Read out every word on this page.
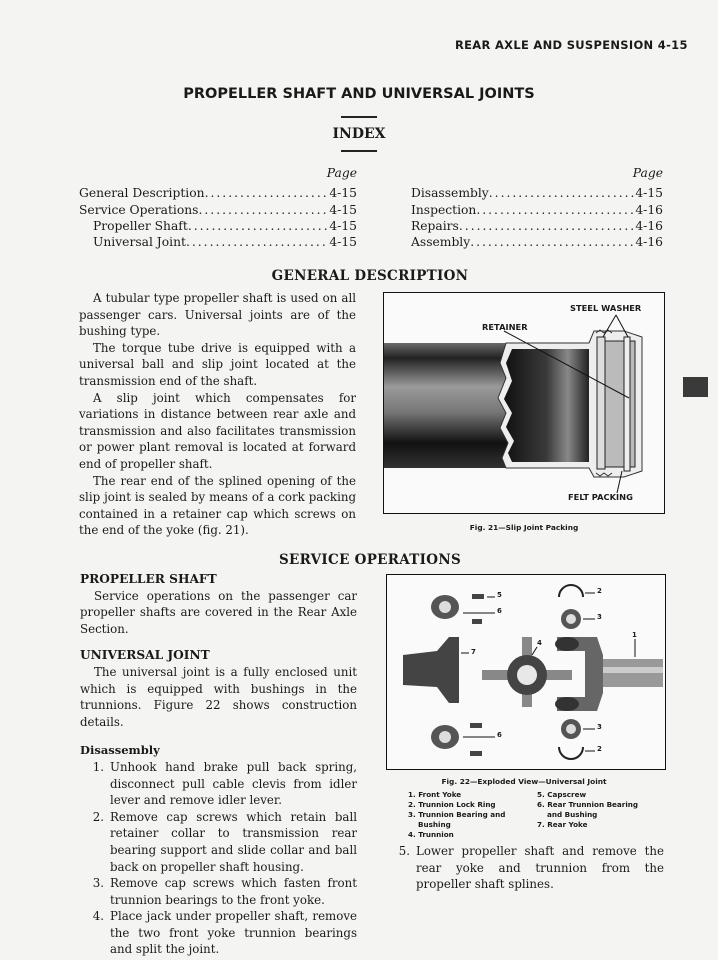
REAR AXLE AND SUSPENSION 4-15
PROPELLER SHAFT AND UNIVERSAL JOINTS
INDEX
Page
General Description .....	4-15
Service Operations .....	4-15
Propeller Shaft .....	4-15
Universal Joint .....	4-15
Page
Disassembly .....	4-15
Inspection .....	4-16
Repairs .....	4-16
Assembly .....	4-16
GENERAL DESCRIPTION

A tubular type propeller shaft is used on all passenger cars. Universal joints are of the bushing type.

The torque tube drive is equipped with a universal ball and slip joint located at the transmission end of the shaft.

A slip joint which compensates for variations in distance between rear axle and transmission and also facilitates transmission or power plant removal is located at forward end of propeller shaft.

The rear end of the splined opening of the slip joint is sealed by means of a cork packing contained in a retainer cap which screws on the end of the yoke (fig. 21).

STEEL WASHER
RETAINER
FELT PACKING
Fig. 21—Slip Joint Packing
SERVICE OPERATIONS
PROPELLER SHAFT

Service operations on the passenger car propeller shafts are covered in the Rear Axle Section.

UNIVERSAL JOINT

The universal joint is a fully enclosed unit which is equipped with bushings in the trunnions. Figure 22 shows construction details.

Disassembly
1. Unhook hand brake pull back spring, disconnect pull cable clevis from idler lever and remove idler lever.
2. Remove cap screws which retain ball retainer collar to transmission rear bearing support and slide collar and ball back on propeller shaft housing.
3. Remove cap screws which fasten front trunnion bearings to the front yoke.
4. Place jack under propeller shaft, remove the two front yoke trunnion bearings and split the joint.
5
6
7
4
2
3
1
6
3
2
Fig. 22—Exploded View—Universal Joint
1. Front Yoke
2. Trunnion Lock Ring
3. Trunnion Bearing and
Bushing
4. Trunnion
5. Capscrew
6. Rear Trunnion Bearing
and Bushing
7. Rear Yoke
5. Lower propeller shaft and remove the rear yoke and trunnion from the propeller shaft splines.
